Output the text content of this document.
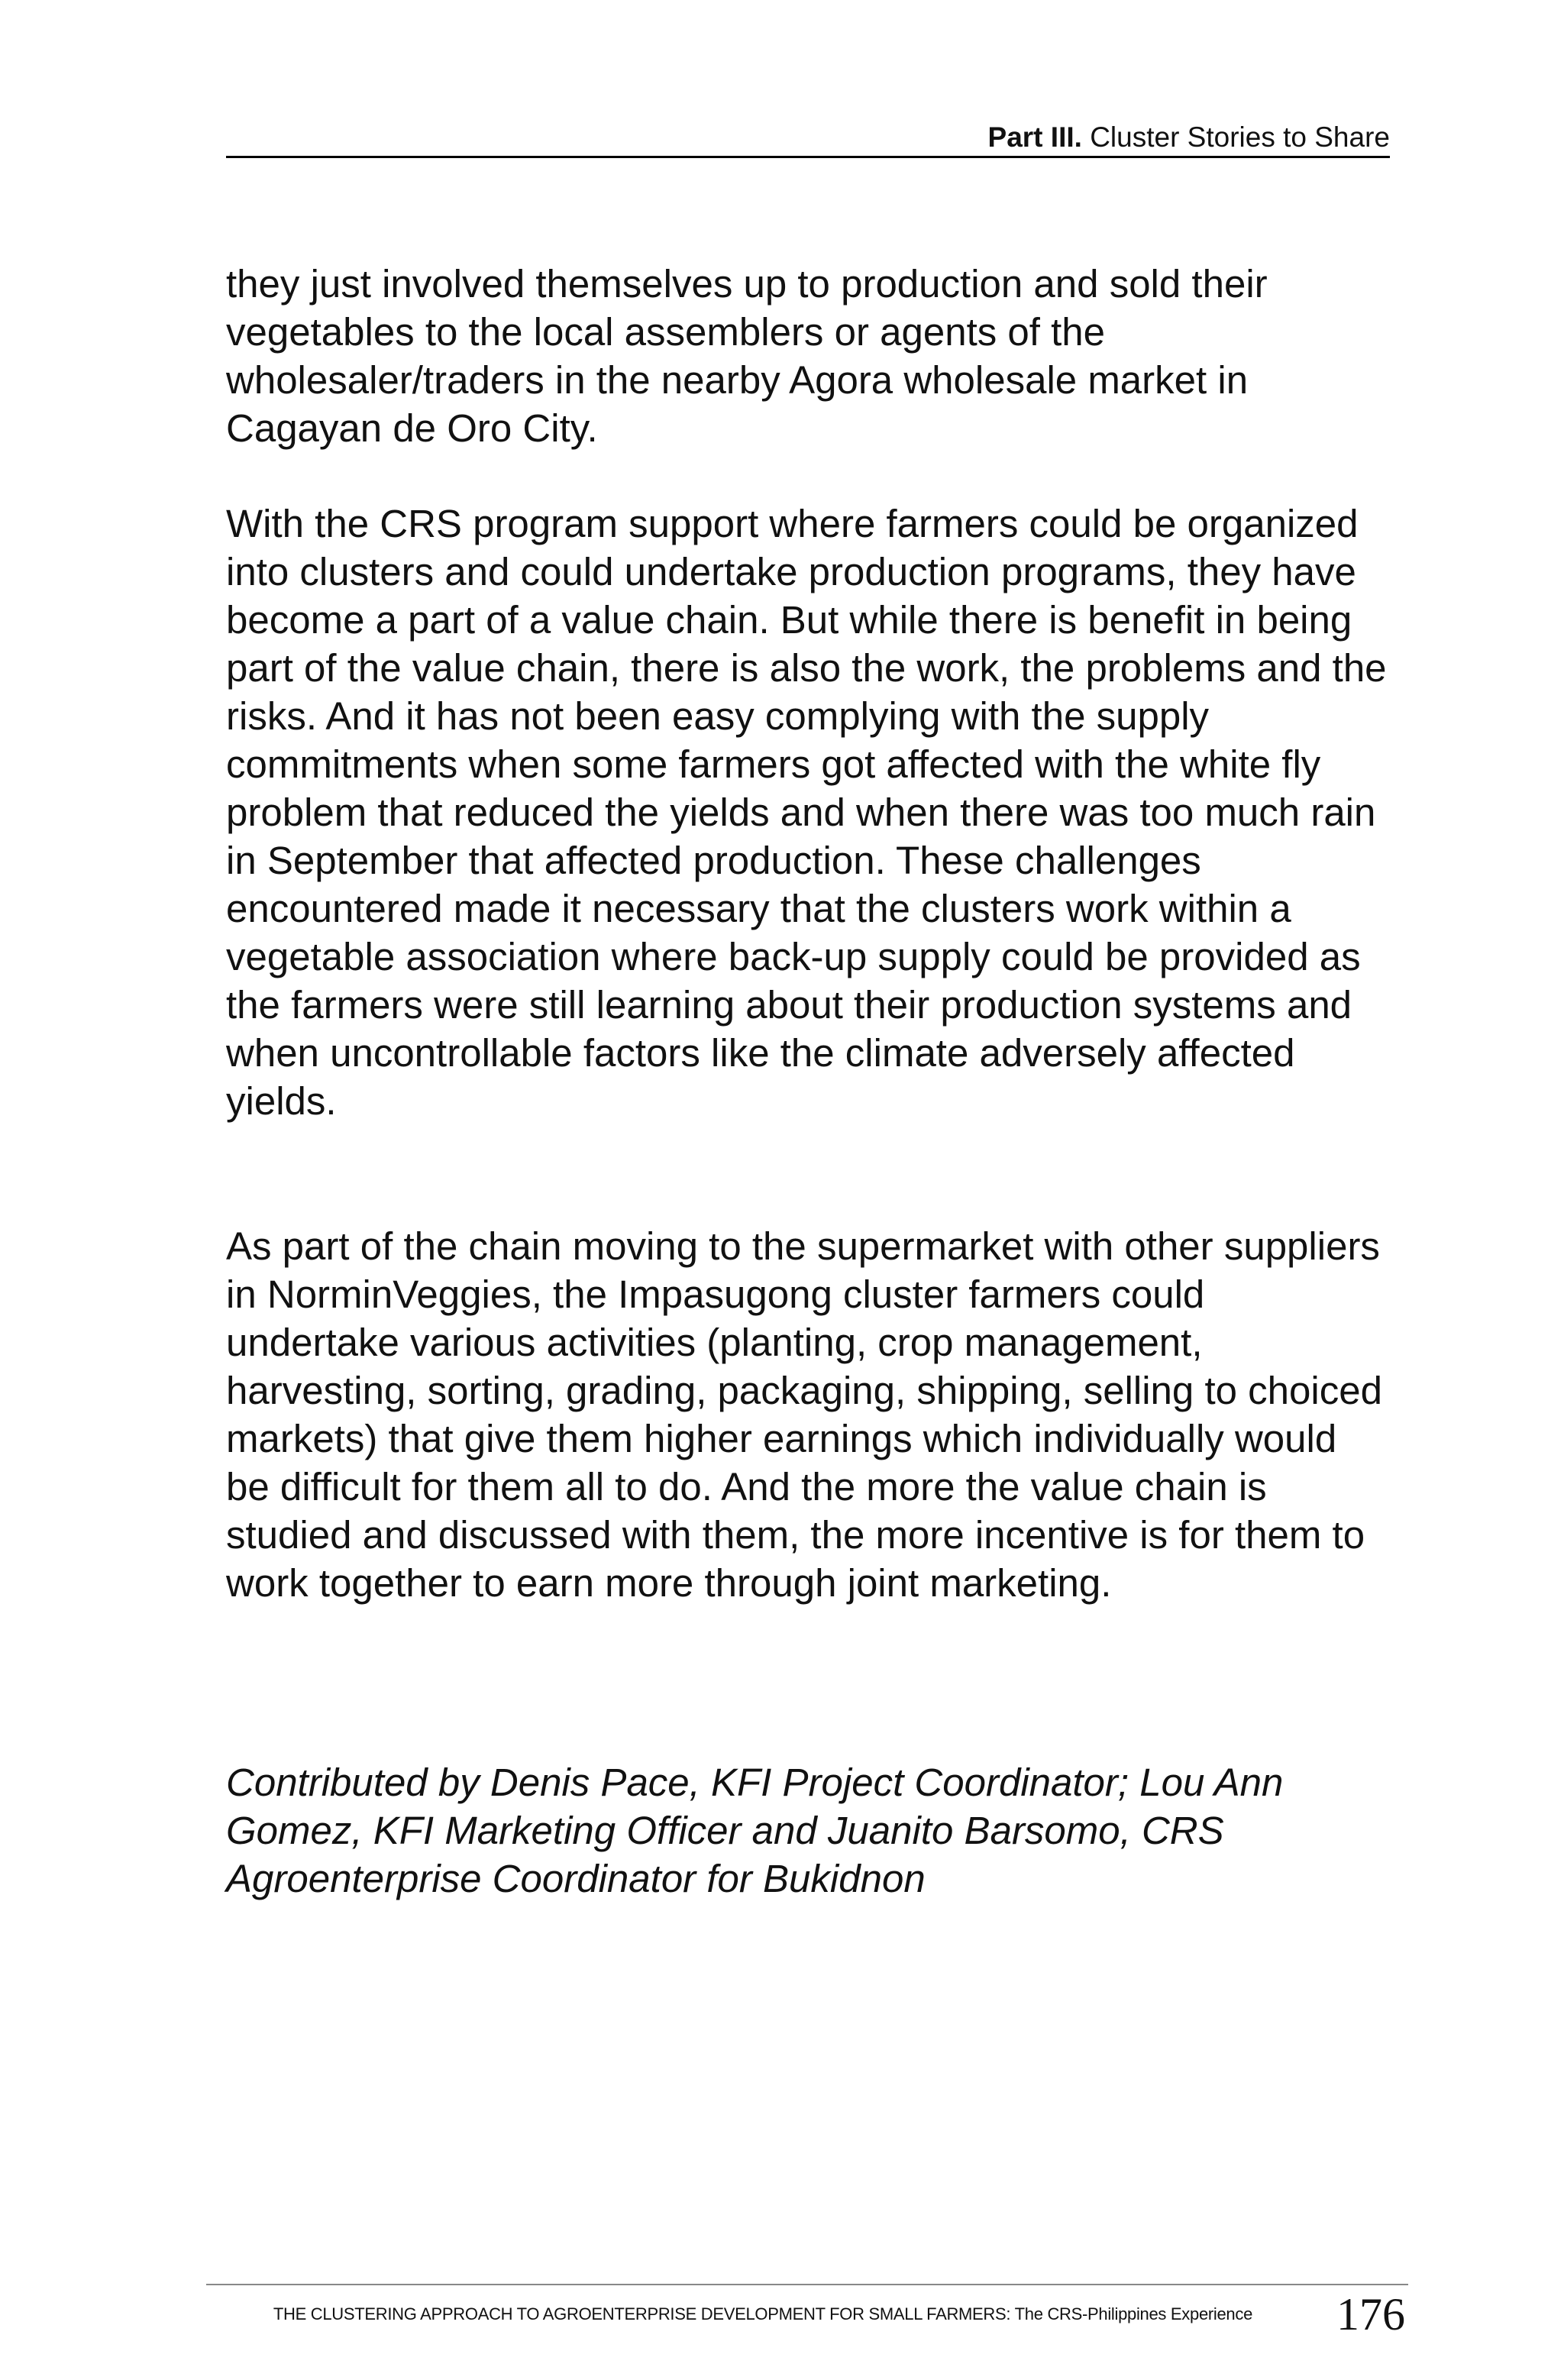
Part III. Cluster Stories to Share

they just involved themselves up to production and sold their vegetables to the local assemblers or agents of the wholesaler/traders in the nearby Agora wholesale market in Cagayan de Oro City.

With the CRS program support where farmers could be organized into clusters and could undertake production programs, they have become a part of a value chain. But while there is benefit in being part of the value chain, there is also the work, the problems and the risks. And it has not been easy complying with the supply commitments when some farmers got affected with the white fly problem that reduced the yields and when there was too much rain in September that affected production. These challenges encountered made it necessary that the clusters work within a vegetable association where back-up supply could be provided as the farmers were still learning about their production systems and when uncontrollable factors like the climate adversely affected yields.

As part of the chain moving to the supermarket with other suppliers in NorminVeggies, the Impasugong cluster farmers could undertake various activities (planting, crop management, harvesting, sorting, grading, packaging, shipping, selling to choiced markets) that give them higher earnings which individually would be difficult for them all to do. And the more the value chain is studied and discussed with them, the more incentive is for them to work together to earn more through joint marketing.

Contributed by Denis Pace, KFI Project Coordinator; Lou Ann Gomez, KFI Marketing Officer and Juanito Barsomo, CRS Agroenterprise Coordinator for Bukidnon

THE CLUSTERING APPROACH TO AGROENTERPRISE DEVELOPMENT FOR SMALL FARMERS: The CRS-Philippines Experience	176
